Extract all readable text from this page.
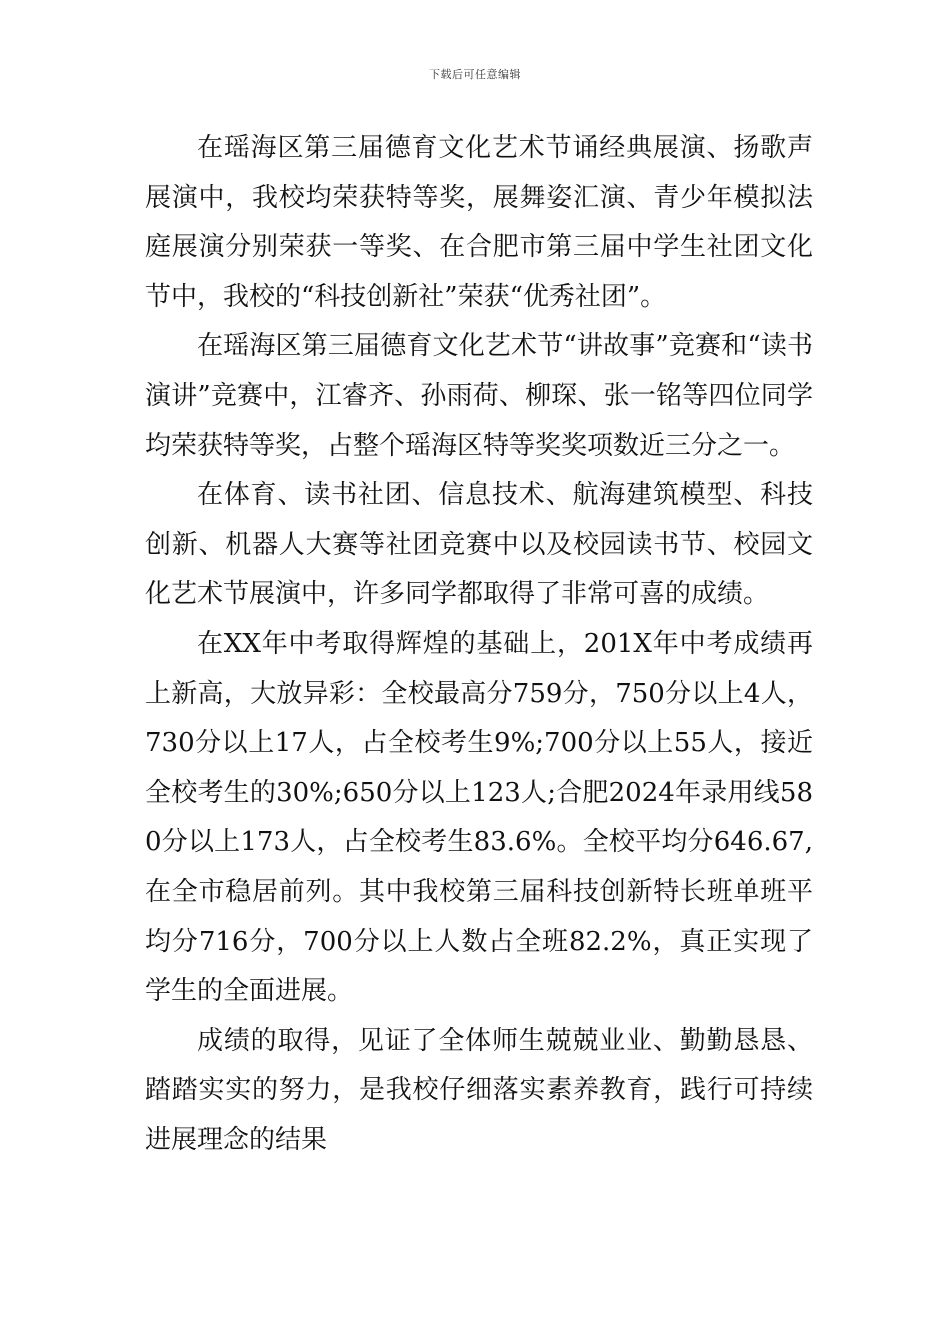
下载后可任意编辑

在瑶海区第三届德育文化艺术节诵经典展演、扬歌声展演中，我校均荣获特等奖，展舞姿汇演、青少年模拟法庭展演分别荣获一等奖、在合肥市第三届中学生社团文化节中，我校的“科技创新社”荣获“优秀社团”。

在瑶海区第三届德育文化艺术节“讲故事”竞赛和“读书演讲”竞赛中，江睿齐、孙雨荷、柳琛、张一铭等四位同学均荣获特等奖，占整个瑶海区特等奖奖项数近三分之一。

在体育、读书社团、信息技术、航海建筑模型、科技创新、机器人大赛等社团竞赛中以及校园读书节、校园文化艺术节展演中，许多同学都取得了非常可喜的成绩。

在XX年中考取得辉煌的基础上，201X年中考成绩再上新高，大放异彩：全校最高分759分，750分以上4人，730分以上17人，占全校考生9%;700分以上55人，接近全校考生的30%;650分以上123人;合肥2024年录用线580分以上173人，占全校考生83.6%。全校平均分646.67,在全市稳居前列。其中我校第三届科技创新特长班单班平均分716分，700分以上人数占全班82.2%，真正实现了学生的全面进展。

成绩的取得，见证了全体师生兢兢业业、勤勤恳恳、踏踏实实的努力，是我校仔细落实素养教育，践行可持续进展理念的结果
